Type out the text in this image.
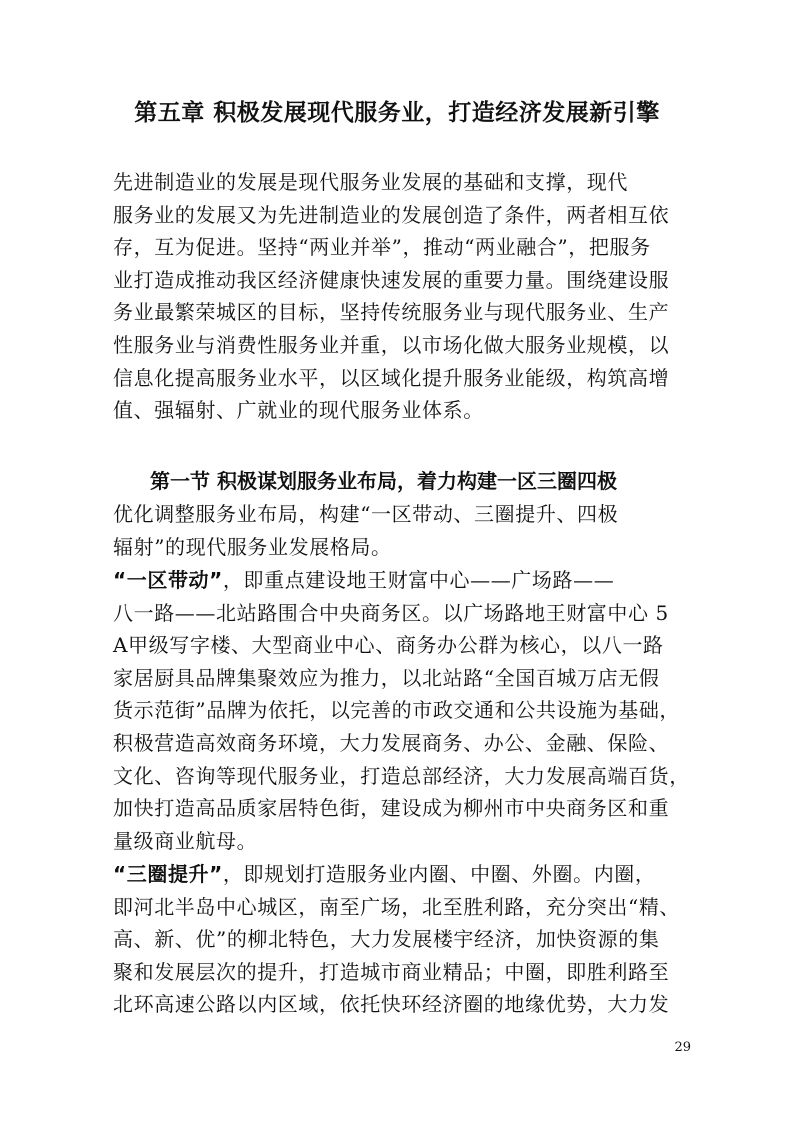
第五章 积极发展现代服务业，打造经济发展新引擎
先进制造业的发展是现代服务业发展的基础和支撑，现代
服务业的发展又为先进制造业的发展创造了条件，两者相互依
存，互为促进。坚持“两业并举”，推动“两业融合”，把服务
业打造成推动我区经济健康快速发展的重要力量。围绕建设服
务业最繁荣城区的目标，坚持传统服务业与现代服务业、生产
性服务业与消费性服务业并重，以市场化做大服务业规模，以
信息化提高服务业水平，以区域化提升服务业能级，构筑高增
值、强辐射、广就业的现代服务业体系。
第一节 积极谋划服务业布局，着力构建一区三圈四极
优化调整服务业布局，构建“一区带动、三圈提升、四极
辐射”的现代服务业发展格局。
“一区带动”，即重点建设地王财富中心——广场路——
八一路——北站路围合中央商务区。以广场路地王财富中心 5
A甲级写字楼、大型商业中心、商务办公群为核心，以八一路
家居厨具品牌集聚效应为推力，以北站路“全国百城万店无假
货示范街”品牌为依托，以完善的市政交通和公共设施为基础，
积极营造高效商务环境，大力发展商务、办公、金融、保险、
文化、咨询等现代服务业，打造总部经济，大力发展高端百货，
加快打造高品质家居特色街，建设成为柳州市中央商务区和重
量级商业航母。
“三圈提升”，即规划打造服务业内圈、中圈、外圈。内圈，
即河北半岛中心城区，南至广场，北至胜利路，充分突出“精、
高、新、优”的柳北特色，大力发展楼宇经济，加快资源的集
聚和发展层次的提升，打造城市商业精品；中圈，即胜利路至
北环高速公路以内区域，依托快环经济圈的地缘优势，大力发
29
